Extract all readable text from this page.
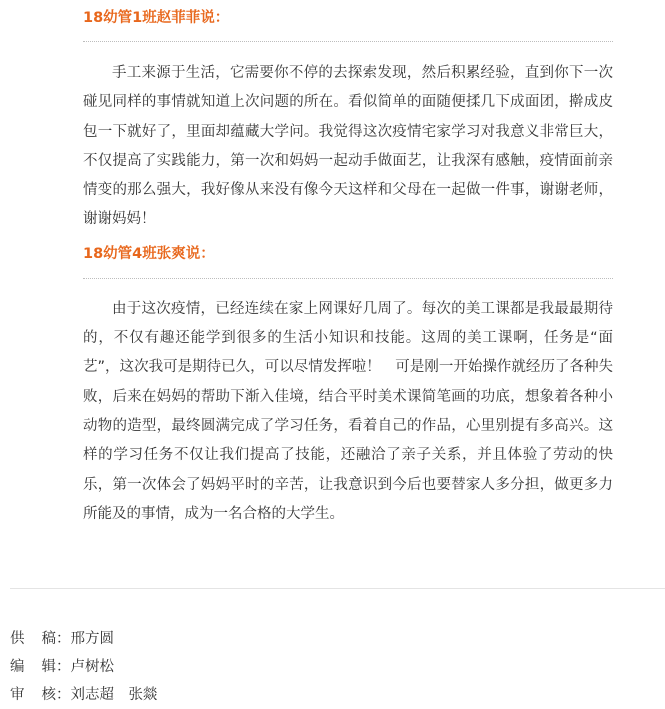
18幼管1班赵菲菲说：

手工来源于生活，它需要你不停的去探索发现，然后积累经验，直到你下一次碰见同样的事情就知道上次问题的所在。看似简单的面随便揉几下成面团，擀成皮包一下就好了，里面却蕴藏大学问。我觉得这次疫情宅家学习对我意义非常巨大，不仅提高了实践能力，第一次和妈妈一起动手做面艺，让我深有感触，疫情面前亲情变的那么强大，我好像从来没有像今天这样和父母在一起做一件事，谢谢老师，谢谢妈妈！

18幼管4班张爽说：

由于这次疫情，已经连续在家上网课好几周了。每次的美工课都是我最最期待的，不仅有趣还能学到很多的生活小知识和技能。这周的美工课啊，任务是“面艺”，这次我可是期待已久，可以尽情发挥啦！　可是刚一开始操作就经历了各种失败，后来在妈妈的帮助下渐入佳境，结合平时美术课简笔画的功底，想象着各种小动物的造型，最终圆满完成了学习任务，看着自己的作品，心里别提有多高兴。这样的学习任务不仅让我们提高了技能，还融洽了亲子关系，并且体验了劳动的快乐，第一次体会了妈妈平时的辛苦，让我意识到今后也要替家人多分担，做更多力所能及的事情，成为一名合格的大学生。

供稿：邢方圆
编辑：卢树松
审核：刘志超　张燚
